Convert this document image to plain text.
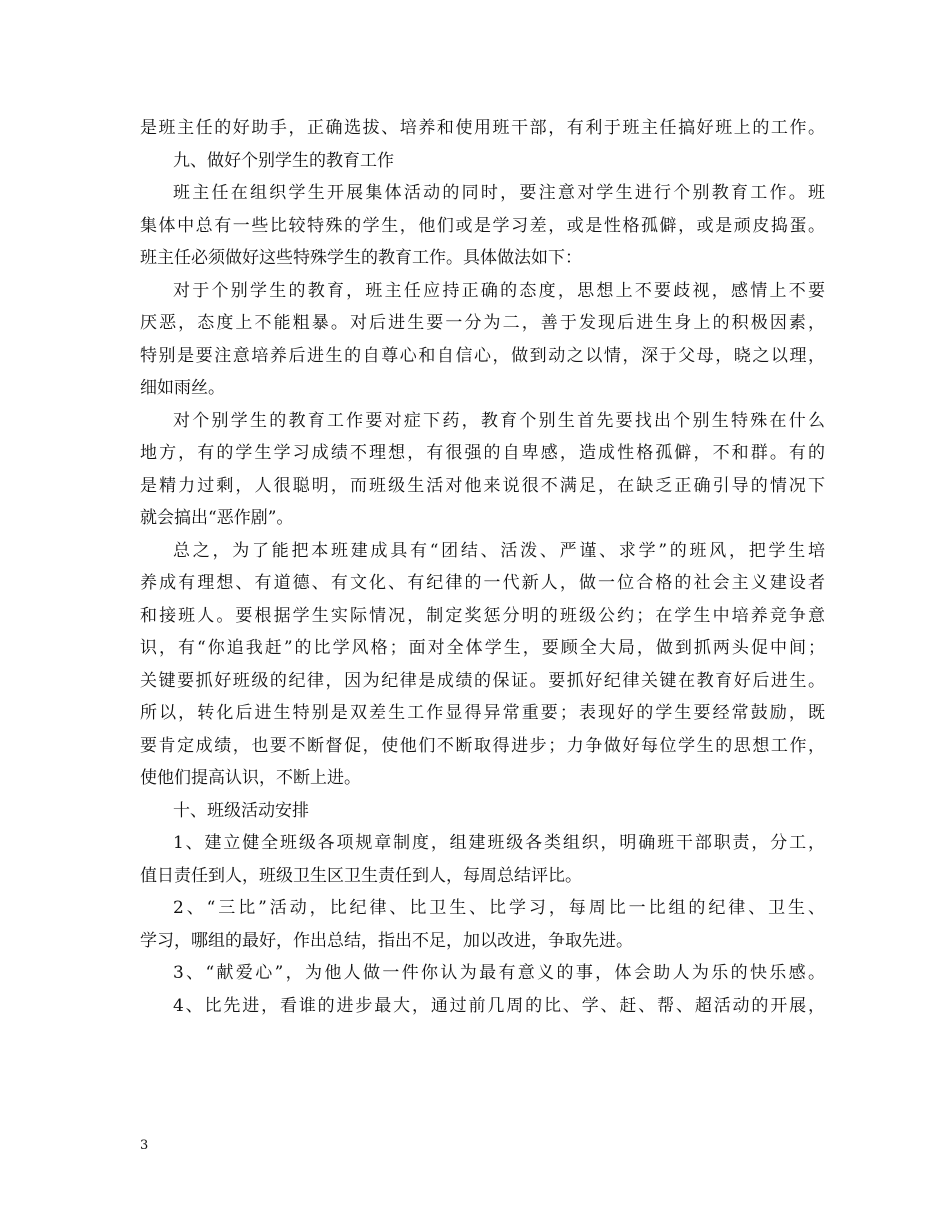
是班主任的好助手，正确选拔、培养和使用班干部，有利于班主任搞好班上的工作。
九、做好个别学生的教育工作
班主任在组织学生开展集体活动的同时，要注意对学生进行个别教育工作。班
集体中总有一些比较特殊的学生，他们或是学习差，或是性格孤僻，或是顽皮捣蛋。
班主任必须做好这些特殊学生的教育工作。具体做法如下：
对于个别学生的教育，班主任应持正确的态度，思想上不要歧视，感情上不要
厌恶，态度上不能粗暴。对后进生要一分为二，善于发现后进生身上的积极因素，
特别是要注意培养后进生的自尊心和自信心，做到动之以情，深于父母，晓之以理，
细如雨丝。
对个别学生的教育工作要对症下药，教育个别生首先要找出个别生特殊在什么
地方，有的学生学习成绩不理想，有很强的自卑感，造成性格孤僻，不和群。有的
是精力过剩，人很聪明，而班级生活对他来说很不满足，在缺乏正确引导的情况下
就会搞出“恶作剧”。
总之，为了能把本班建成具有“团结、活泼、严谨、求学”的班风，把学生培
养成有理想、有道德、有文化、有纪律的一代新人，做一位合格的社会主义建设者
和接班人。要根据学生实际情况，制定奖惩分明的班级公约；在学生中培养竞争意
识，有“你追我赶”的比学风格；面对全体学生，要顾全大局，做到抓两头促中间；
关键要抓好班级的纪律，因为纪律是成绩的保证。要抓好纪律关键在教育好后进生。
所以，转化后进生特别是双差生工作显得异常重要；表现好的学生要经常鼓励，既
要肯定成绩，也要不断督促，使他们不断取得进步；力争做好每位学生的思想工作，
使他们提高认识，不断上进。
十、班级活动安排
1、建立健全班级各项规章制度，组建班级各类组织，明确班干部职责，分工，
值日责任到人，班级卫生区卫生责任到人，每周总结评比。
2、“三比”活动，比纪律、比卫生、比学习，每周比一比组的纪律、卫生、
学习，哪组的最好，作出总结，指出不足，加以改进，争取先进。
3、“献爱心”，为他人做一件你认为最有意义的事，体会助人为乐的快乐感。
4、比先进，看谁的进步最大，通过前几周的比、学、赶、帮、超活动的开展，
3
